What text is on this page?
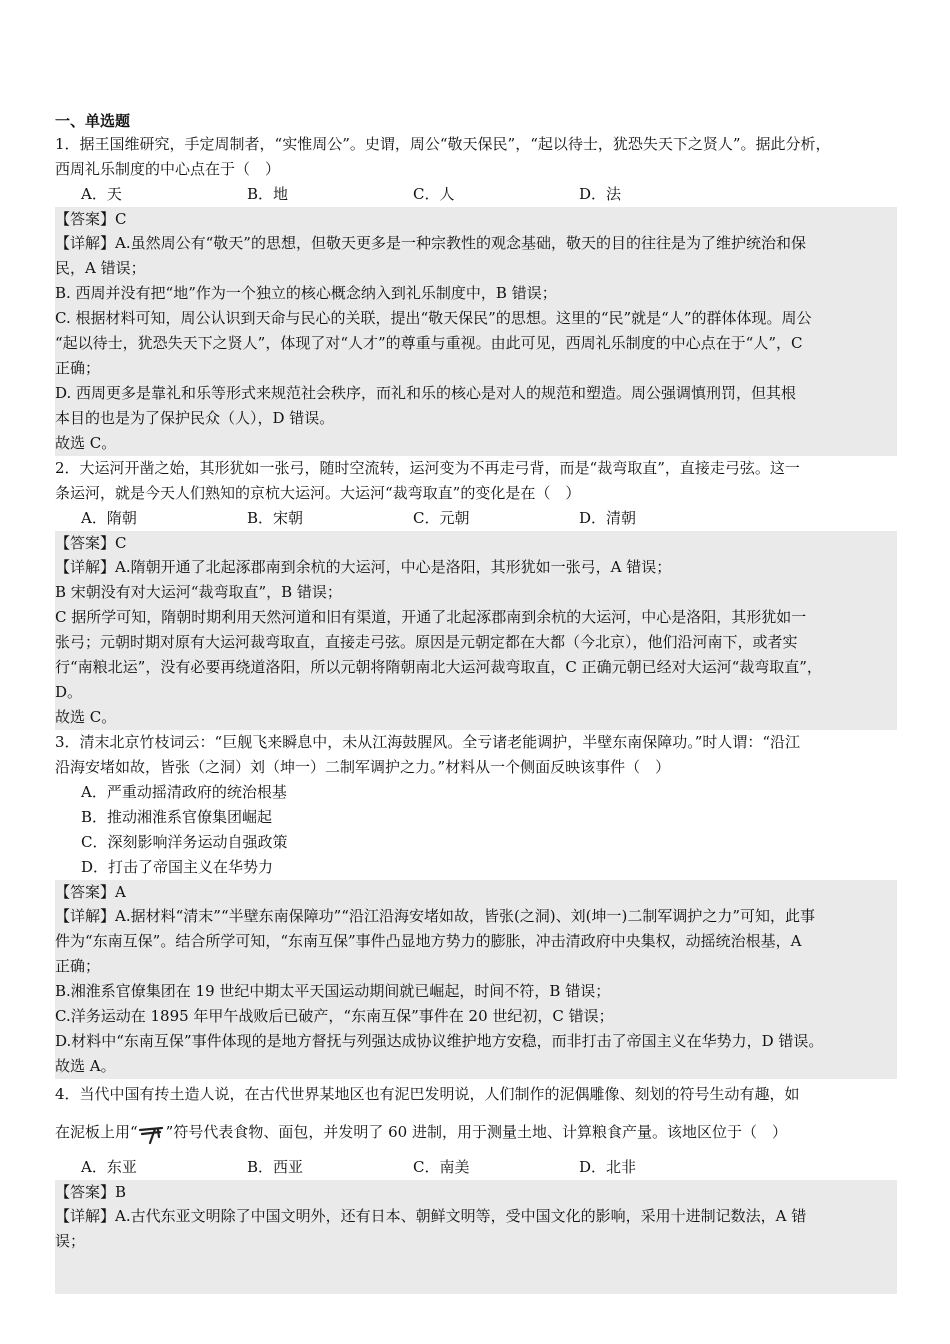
一、单选题
1．据王国维研究，手定周制者，“实惟周公”。史谓，周公“敬天保民”，“起以待士，犹恐失天下之贤人”。据此分析，
西周礼乐制度的中心点在于（　）
A．天	B．地	C．人	D．法
【答案】C
【详解】A.虽然周公有“敬天”的思想，但敬天更多是一种宗教性的观念基础，敬天的目的往往是为了维护统治和保
民，A 错误；
B. 西周并没有把“地”作为一个独立的核心概念纳入到礼乐制度中，B 错误；
C. 根据材料可知，周公认识到天命与民心的关联，提出“敬天保民”的思想。这里的“民”就是“人”的群体体现。周公
“起以待士，犹恐失天下之贤人”，体现了对“人才”的尊重与重视。由此可见，西周礼乐制度的中心点在于“人”，C
正确；
D. 西周更多是靠礼和乐等形式来规范社会秩序，而礼和乐的核心是对人的规范和塑造。周公强调慎刑罚，但其根
本目的也是为了保护民众（人），D 错误。
故选 C。
2．大运河开凿之始，其形犹如一张弓，随时空流转，运河变为不再走弓背，而是“裁弯取直”，直接走弓弦。这一
条运河，就是今天人们熟知的京杭大运河。大运河“裁弯取直”的变化是在（　）
A．隋朝	B．宋朝	C．元朝	D．清朝
【答案】C
【详解】A.隋朝开通了北起涿郡南到余杭的大运河，中心是洛阳，其形犹如一张弓，A 错误；
B 宋朝没有对大运河“裁弯取直”，B 错误；
C 据所学可知，隋朝时期利用天然河道和旧有渠道，开通了北起涿郡南到余杭的大运河，中心是洛阳，其形犹如一
张弓；元朝时期对原有大运河裁弯取直，直接走弓弦。原因是元朝定都在大都（今北京），他们沿河南下，或者实
行“南粮北运”，没有必要再绕道洛阳，所以元朝将隋朝南北大运河裁弯取直，C 正确元朝已经对大运河“裁弯取直”，
D。
故选 C。
3．清末北京竹枝词云：“巨舰飞来瞬息中，未从江海鼓腥风。全亏诸老能调护，半壁东南保障功。”时人谓：“沿江
沿海安堵如故，皆张（之洞）刘（坤一）二制军调护之力。”材料从一个侧面反映该事件（　）
A．严重动摇清政府的统治根基
B．推动湘淮系官僚集团崛起
C．深刻影响洋务运动自强政策
D．打击了帝国主义在华势力
【答案】A
【详解】A.据材料“清末”“半壁东南保障功”“沿江沿海安堵如故，皆张(之洞)、刘(坤一)二制军调护之力”可知，此事
件为“东南互保”。结合所学可知，“东南互保”事件凸显地方势力的膨胀，冲击清政府中央集权，动摇统治根基，A
正确；
B.湘淮系官僚集团在 19 世纪中期太平天国运动期间就已崛起，时间不符，B 错误；
C.洋务运动在 1895 年甲午战败后已破产，“东南互保”事件在 20 世纪初，C 错误；
D.材料中“东南互保”事件体现的是地方督抚与列强达成协议维护地方安稳，而非打击了帝国主义在华势力，D 错误。
故选 A。
4．当代中国有抟土造人说，在古代世界某地区也有泥巴发明说，人们制作的泥偶雕像、刻划的符号生动有趣，如
在泥板上用“ ”符号代表食物、面包，并发明了 60 进制，用于测量土地、计算粮食产量。该地区位于（　）
A．东亚	B．西亚	C．南美	D．北非
【答案】B
【详解】A.古代东亚文明除了中国文明外，还有日本、朝鲜文明等，受中国文化的影响，采用十进制记数法，A 错
误；
